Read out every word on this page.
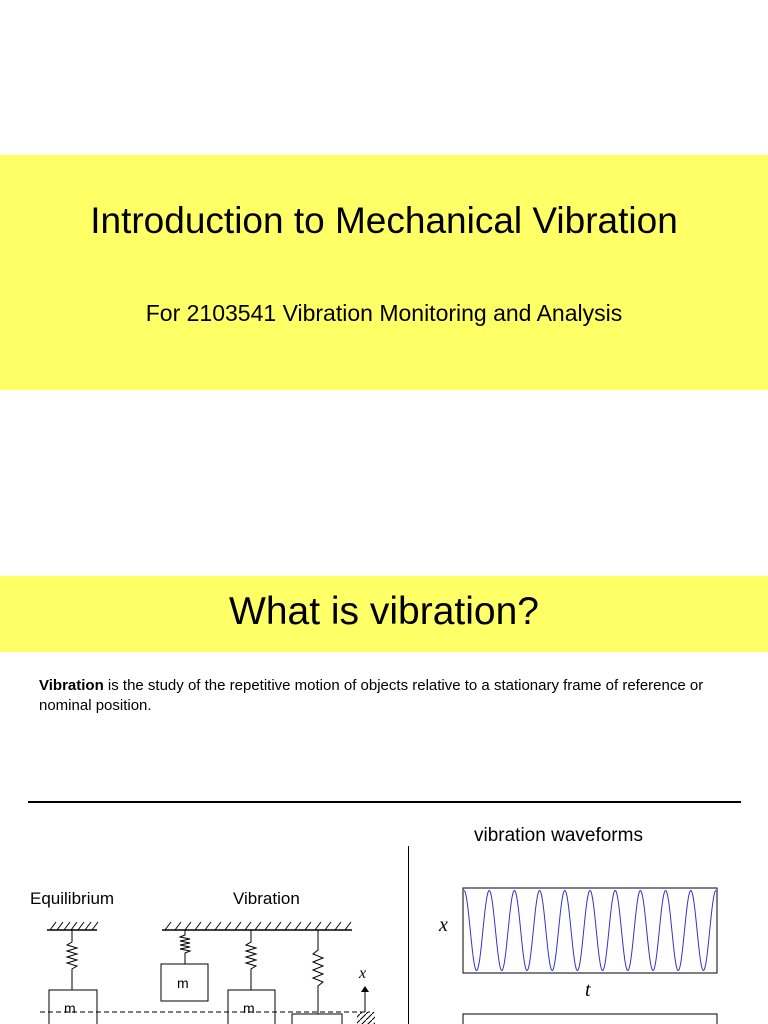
Introduction to Mechanical Vibration
For 2103541 Vibration Monitoring and Analysis
What is vibration?
Vibration is the study of the repetitive motion of objects relative to a stationary frame of reference or nominal position.
vibration waveforms
Equilibrium	Vibration
m
m
m
x
x
t
